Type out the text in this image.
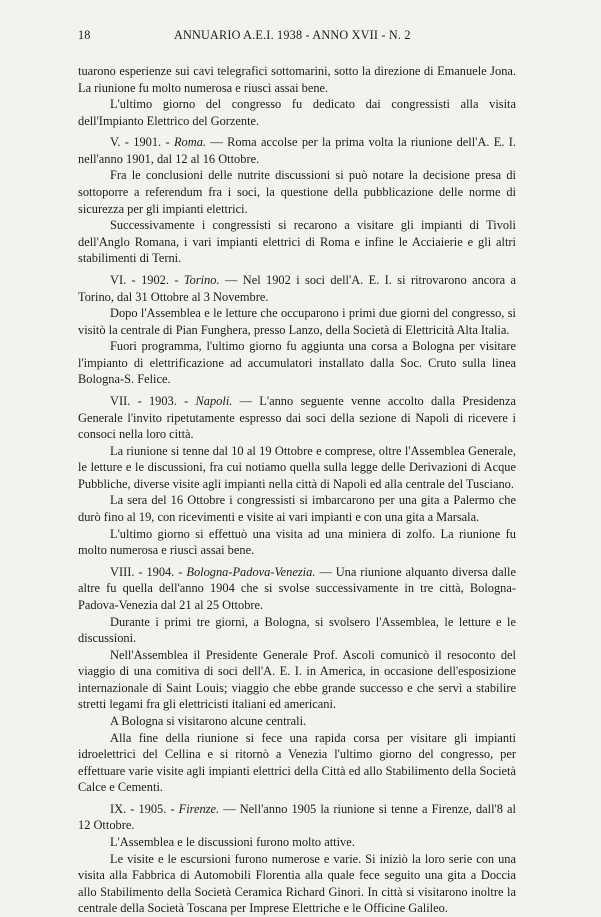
18	ANNUARIO A.E.I. 1938 - ANNO XVII - N. 2

tuarono esperienze sui cavi telegrafici sottomarini, sotto la direzione di Emanuele Jona. La riunione fu molto numerosa e riuscì assai bene.

L'ultimo giorno del congresso fu dedicato dai congressisti alla visita dell'Impianto Elettrico del Gorzente.

V. - 1901. - Roma. — Roma accolse per la prima volta la riunione dell'A. E. I. nell'anno 1901, dal 12 al 16 Ottobre.

Fra le conclusioni delle nutrite discussioni si può notare la decisione presa di sottoporre a referendum fra i soci, la questione della pubblicazione delle norme di sicurezza per gli impianti elettrici.

Successivamente i congressisti si recarono a visitare gli impianti di Tivoli dell'Anglo Romana, i vari impianti elettrici di Roma e infine le Acciaierie e gli altri stabilimenti di Terni.

VI. - 1902. - Torino. — Nel 1902 i soci dell'A. E. I. si ritrovarono ancora a Torino, dal 31 Ottobre al 3 Novembre.

Dopo l'Assemblea e le letture che occuparono i primi due giorni del congresso, si visitò la centrale di Pian Funghera, presso Lanzo, della Società di Elettricità Alta Italia.

Fuori programma, l'ultimo giorno fu aggiunta una corsa a Bologna per visitare l'impianto di elettrificazione ad accumulatori installato dalla Soc. Cruto sulla linea Bologna-S. Felice.

VII. - 1903. - Napoli. — L'anno seguente venne accolto dalla Presidenza Generale l'invito ripetutamente espresso dai soci della sezione di Napoli di ricevere i consoci nella loro città.

La riunione si tenne dal 10 al 19 Ottobre e comprese, oltre l'Assemblea Generale, le letture e le discussioni, fra cui notiamo quella sulla legge delle Derivazioni di Acque Pubbliche, diverse visite agli impianti nella città di Napoli ed alla centrale del Tusciano.

La sera del 16 Ottobre i congressisti si imbarcarono per una gita a Palermo che durò fino al 19, con ricevimenti e visite ai vari impianti e con una gita a Marsala.

L'ultimo giorno si effettuò una visita ad una miniera di zolfo. La riunione fu molto numerosa e riuscì assai bene.

VIII. - 1904. - Bologna-Padova-Venezia. — Una riunione alquanto diversa dalle altre fu quella dell'anno 1904 che si svolse successivamente in tre città, Bologna-Padova-Venezia dal 21 al 25 Ottobre.

Durante i primi tre giorni, a Bologna, si svolsero l'Assemblea, le letture e le discussioni.

Nell'Assemblea il Presidente Generale Prof. Ascoli comunicò il resoconto del viaggio di una comitiva di soci dell'A. E. I. in America, in occasione dell'esposizione internazionale di Saint Louis; viaggio che ebbe grande successo e che servì a stabilire stretti legami fra gli elettricisti italiani ed americani.

A Bologna si visitarono alcune centrali.

Alla fine della riunione si fece una rapida corsa per visitare gli impianti idroelettrici del Cellina e si ritornò a Venezia l'ultimo giorno del congresso, per effettuare varie visite agli impianti elettrici della Città ed allo Stabilimento della Società Calce e Cementi.

IX. - 1905. - Firenze. — Nell'anno 1905 la riunione si tenne a Firenze, dall'8 al 12 Ottobre.

L'Assemblea e le discussioni furono molto attive.

Le visite e le escursioni furono numerose e varie. Si iniziò la loro serie con una visita alla Fabbrica di Automobili Florentia alla quale fece seguito una gita a Doccia allo Stabilimento della Società Ceramica Richard Ginori. In città si visitarono inoltre la centrale della Società Toscana per Imprese Elettriche e le Officine Galileo.
